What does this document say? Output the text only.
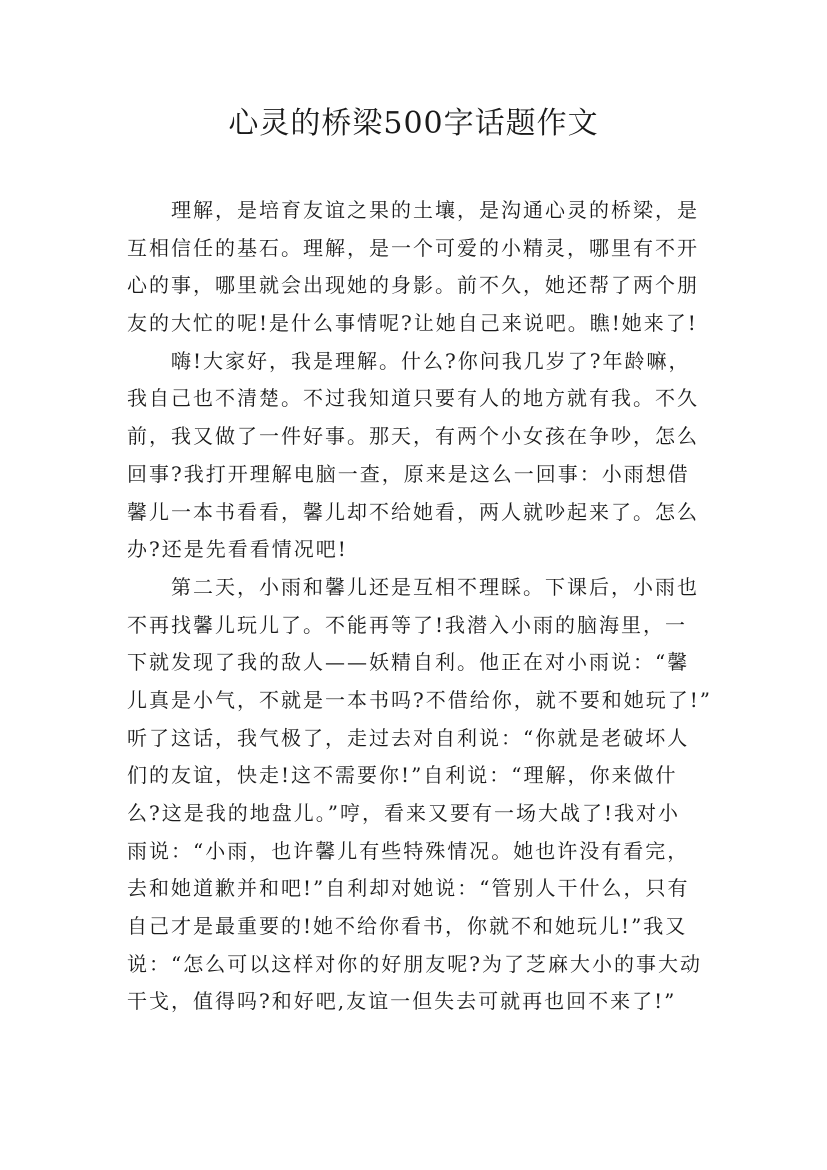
心灵的桥梁500字话题作文
理解，是培育友谊之果的土壤，是沟通心灵的桥梁，是
互相信任的基石。理解，是一个可爱的小精灵，哪里有不开
心的事，哪里就会出现她的身影。前不久，她还帮了两个朋
友的大忙的呢!是什么事情呢?让她自己来说吧。瞧!她来了!
嗨!大家好，我是理解。什么?你问我几岁了?年龄嘛，
我自己也不清楚。不过我知道只要有人的地方就有我。不久
前，我又做了一件好事。那天，有两个小女孩在争吵，怎么
回事?我打开理解电脑一查，原来是这么一回事：小雨想借
馨儿一本书看看，馨儿却不给她看，两人就吵起来了。怎么
办?还是先看看情况吧!
第二天，小雨和馨儿还是互相不理睬。下课后，小雨也
不再找馨儿玩儿了。不能再等了!我潜入小雨的脑海里，一
下就发现了我的敌人——妖精自利。他正在对小雨说：“馨
儿真是小气，不就是一本书吗?不借给你，就不要和她玩了!”
听了这话，我气极了，走过去对自利说：“你就是老破坏人
们的友谊，快走!这不需要你!”自利说：“理解，你来做什
么?这是我的地盘儿。”哼，看来又要有一场大战了!我对小
雨说：“小雨，也许馨儿有些特殊情况。她也许没有看完，
去和她道歉并和吧!”自利却对她说：“管别人干什么，只有
自己才是最重要的!她不给你看书，你就不和她玩儿!”我又
说：“怎么可以这样对你的好朋友呢?为了芝麻大小的事大动
干戈，值得吗?和好吧,友谊一但失去可就再也回不来了!”
